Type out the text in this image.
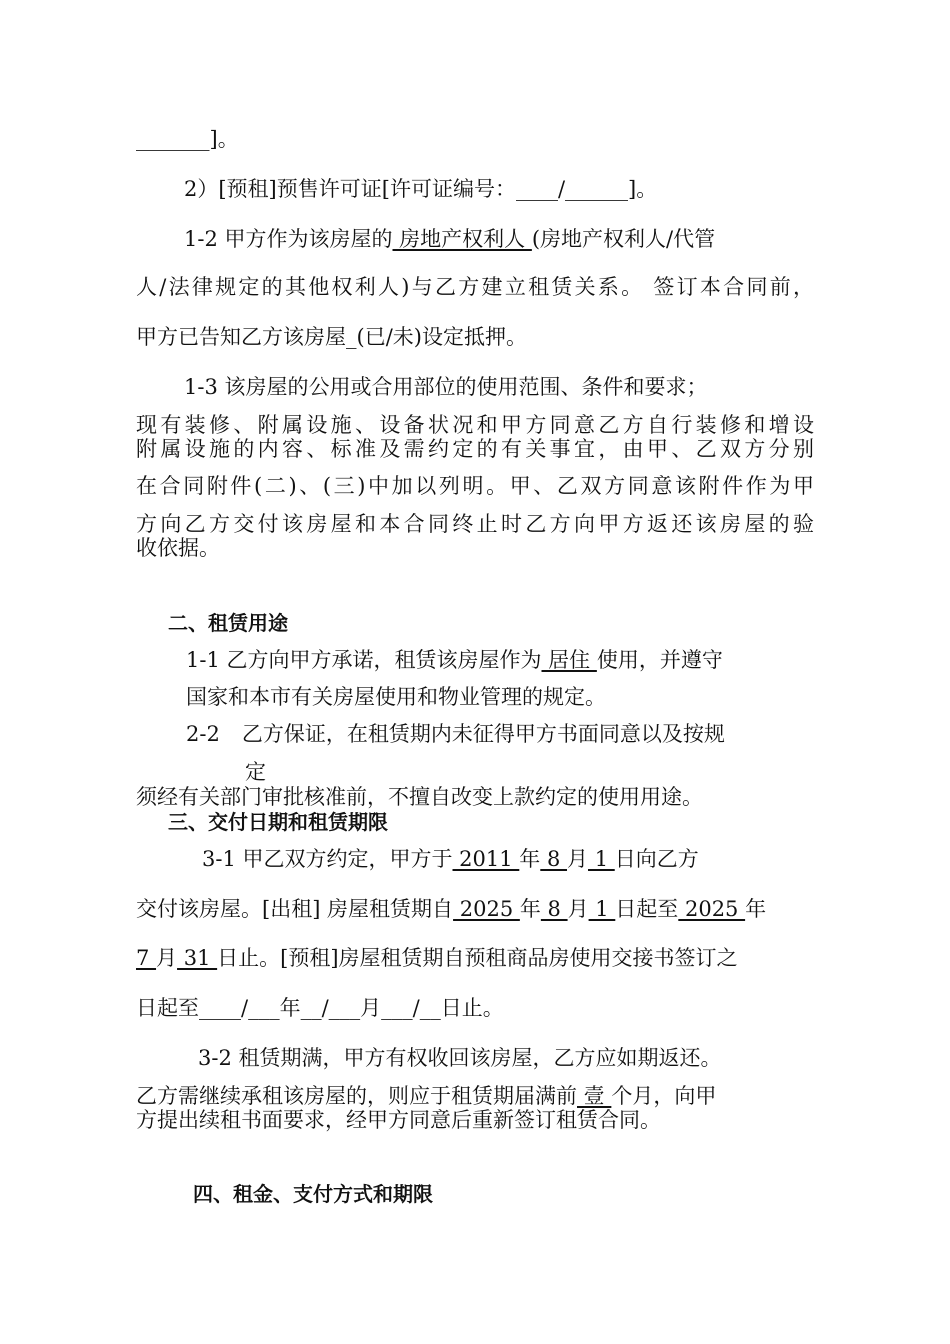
_______]。
2）[预租]预售许可证[许可证编号：____/______]。
1-2 甲方作为该房屋的 房地产权利人 (房地产权利人/代管
人/法律规定的其他权利人)与乙方建立租赁关系。 签订本合同前，
甲方已告知乙方该房屋_(已/未)设定抵押。
1-3 该房屋的公用或合用部位的使用范围、条件和要求；
现有装修、附属设施、设备状况和甲方同意乙方自行装修和增设
附属设施的内容、标准及需约定的有关事宜，由甲、乙双方分别
在合同附件(二)、(三)中加以列明。甲、乙双方同意该附件作为甲
方向乙方交付该房屋和本合同终止时乙方向甲方返还该房屋的验
收依据。
二、租赁用途
1-1 乙方向甲方承诺，租赁该房屋作为 居住 使用，并遵守
国家和本市有关房屋使用和物业管理的规定。
2-2 乙方保证，在租赁期内未征得甲方书面同意以及按规
定
须经有关部门审批核准前，不擅自改变上款约定的使用用途。
三、交付日期和租赁期限
3-1 甲乙双方约定，甲方于 2011 年 8 月 1 日向乙方
交付该房屋。[出租] 房屋租赁期自 2025 年 8 月 1 日起至 2025 年
7 月 31 日止。[预租]房屋租赁期自预租商品房使用交接书签订之
日起至____/___年__/___月___/__日止。
3-2 租赁期满，甲方有权收回该房屋，乙方应如期返还。
乙方需继续承租该房屋的，则应于租赁期届满前 壹 个月，向甲
方提出续租书面要求，经甲方同意后重新签订租赁合同。
四、租金、支付方式和期限
